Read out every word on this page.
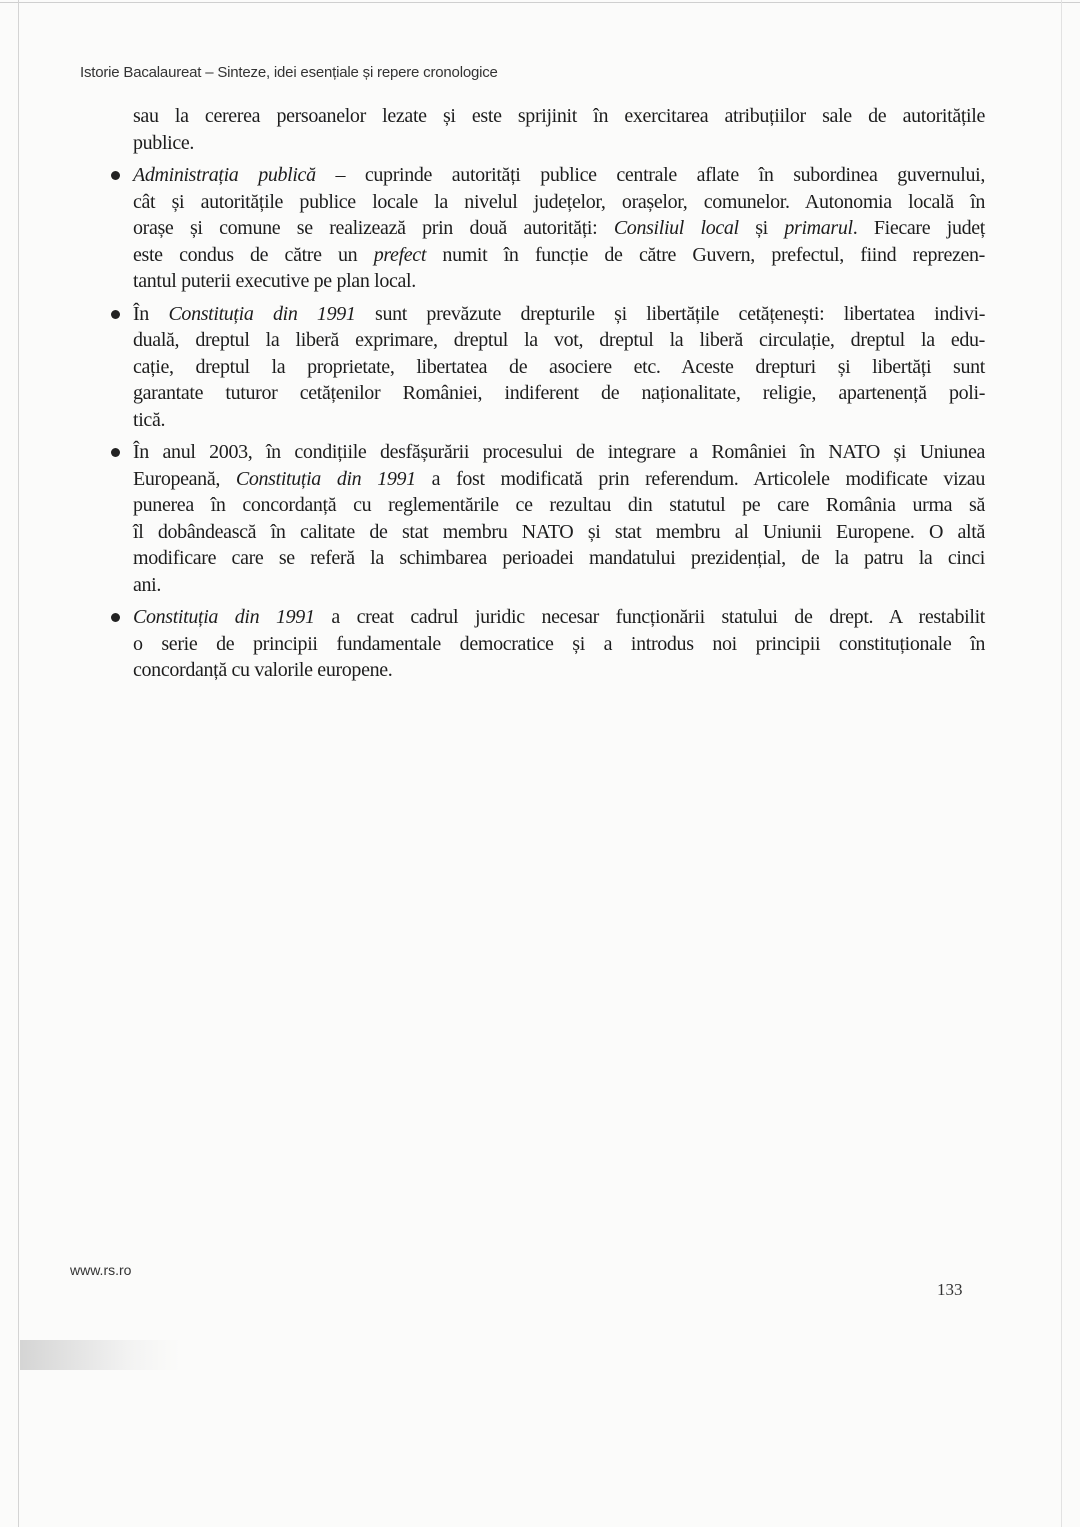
Istorie Bacalaureat – Sinteze, idei esențiale și repere cronologice
sau la cererea persoanelor lezate și este sprijinit în exercitarea atribuțiilor sale de autoritățile
publice.
Administrația publică – cuprinde autorități publice centrale aflate în subordinea guvernului,
cât și autoritățile publice locale la nivelul județelor, orașelor, comunelor. Autonomia locală în
orașe și comune se realizează prin două autorități: Consiliul local și primarul. Fiecare județ
este condus de către un prefect numit în funcție de către Guvern, prefectul, fiind reprezen-
tantul puterii executive pe plan local.
În Constituția din 1991 sunt prevăzute drepturile și libertățile cetățenești: libertatea indivi-
duală, dreptul la liberă exprimare, dreptul la vot, dreptul la liberă circulație, dreptul la edu-
cație, dreptul la proprietate, libertatea de asociere etc. Aceste drepturi și libertăți sunt
garantate tuturor cetățenilor României, indiferent de naționalitate, religie, apartenență poli-
tică.
În anul 2003, în condițiile desfășurării procesului de integrare a României în NATO și Uniunea
Europeană, Constituția din 1991 a fost modificată prin referendum. Articolele modificate vizau
punerea în concordanță cu reglementările ce rezultau din statutul pe care România urma să
îl dobândească în calitate de stat membru NATO și stat membru al Uniunii Europene. O altă
modificare care se referă la schimbarea perioadei mandatului prezidențial, de la patru la cinci
ani.
Constituția din 1991 a creat cadrul juridic necesar funcționării statului de drept. A restabilit
o serie de principii fundamentale democratice și a introdus noi principii constituționale în
concordanță cu valorile europene.
www.rs.ro
133
